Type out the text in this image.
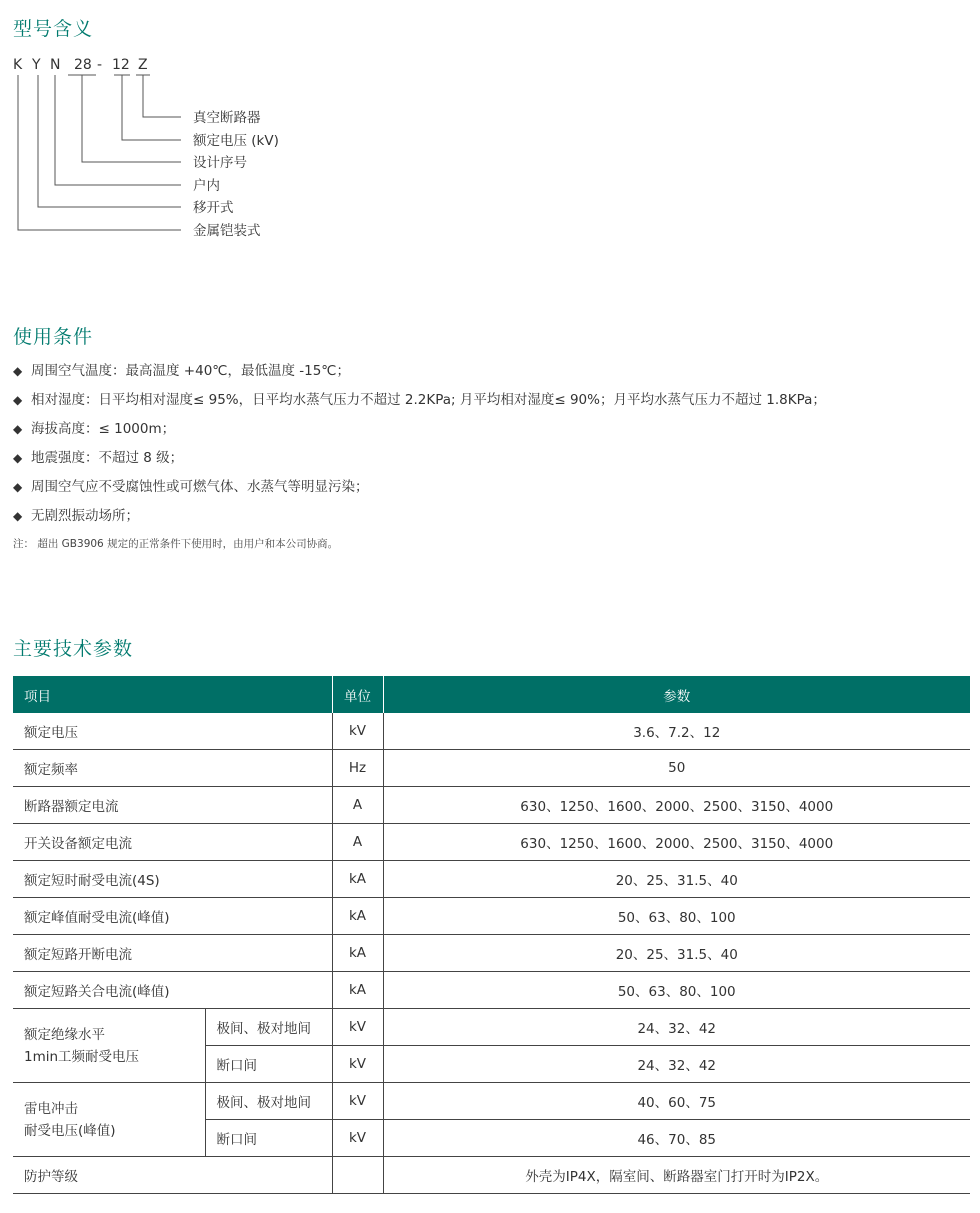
型号含义
K Y N 28 - 12 Z
真空断路器
额定电压 (kV)
设计序号
户内
移开式
金属铠装式
使用条件
◆ 周围空气温度：最高温度 +40℃，最低温度 -15℃；
◆ 相对湿度：日平均相对湿度≤ 95%，日平均水蒸气压力不超过 2.2KPa; 月平均相对湿度≤ 90%；月平均水蒸气压力不超过 1.8KPa；
◆ 海拔高度：≤ 1000m；
◆ 地震强度：不超过 8 级；
◆ 周围空气应不受腐蚀性或可燃气体、水蒸气等明显污染；
◆ 无剧烈振动场所；
注： 超出 GB3906 规定的正常条件下使用时，由用户和本公司协商。
主要技术参数
项目		单位	参数
额定电压		kV	3.6、7.2、12
额定频率		Hz	50
断路器额定电流		A	630、1250、1600、2000、2500、3150、4000
开关设备额定电流		A	630、1250、1600、2000、2500、3150、4000
额定短时耐受电流(4S)		kA	20、25、31.5、40
额定峰值耐受电流(峰值)		kA	50、63、80、100
额定短路开断电流		kA	20、25、31.5、40
额定短路关合电流(峰值)		kA	50、63、80、100

额定绝缘水平
1min工频耐受电压	极间、极对地间	kV	24、32、42
	断口间	kV	24、32、42

雷电冲击
耐受电压(峰值)	极间、极对地间	kV	40、60、75
	断口间	kV	46、70、85
防护等级			外壳为IP4X，隔室间、断路器室门打开时为IP2X。
